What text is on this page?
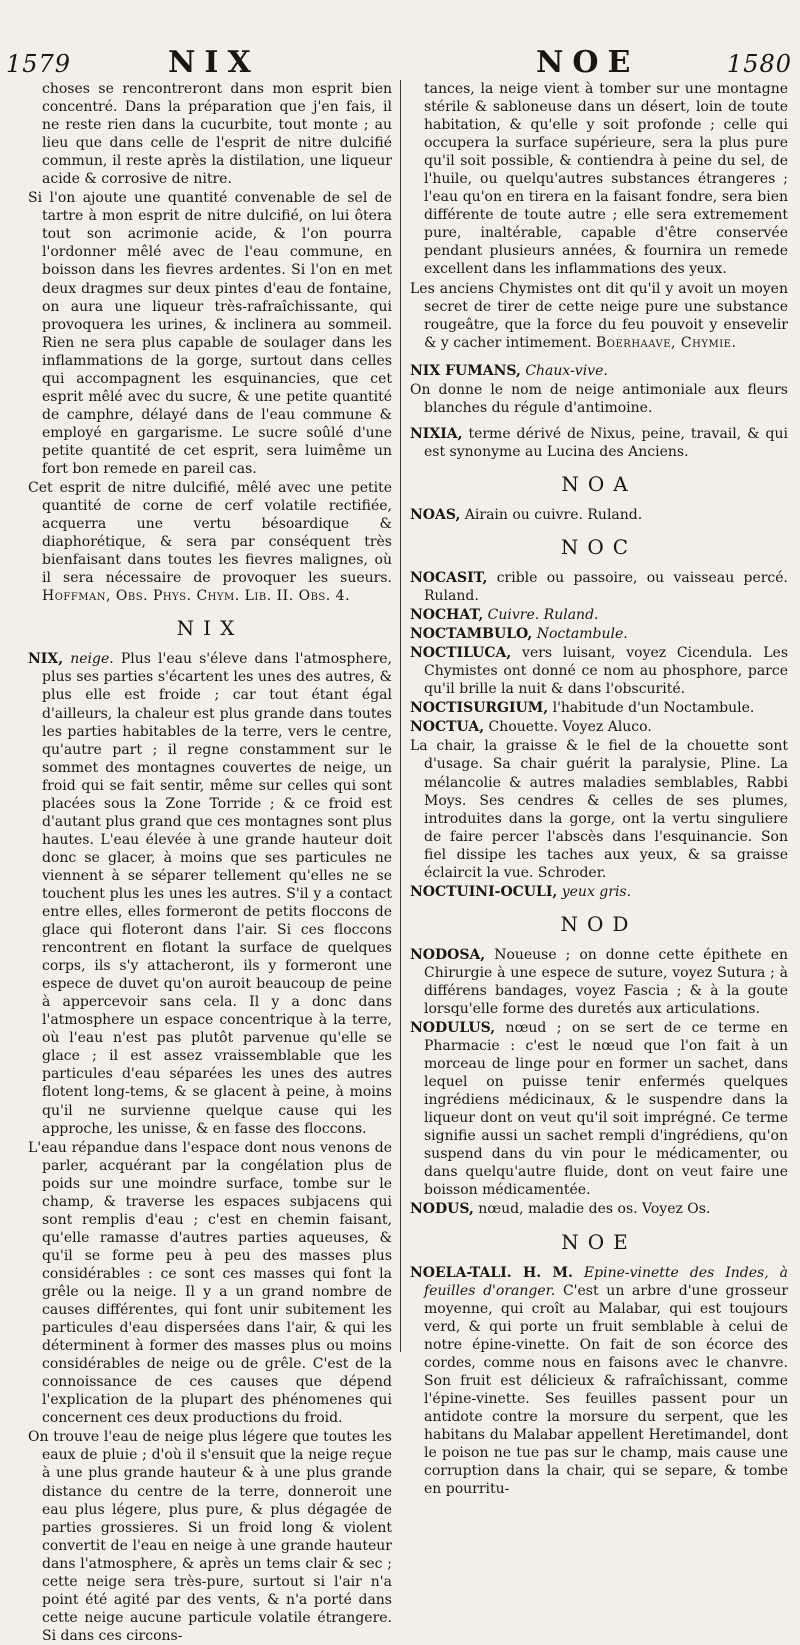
1579	NIX	NOE	1580

choses se rencontreront dans mon esprit bien concentré. Dans la préparation que j'en fais, il ne reste rien dans la cucurbite, tout monte ; au lieu que dans celle de l'esprit de nitre dulcifié commun, il reste après la distilation, une liqueur acide & corrosive de nitre.

Si l'on ajoute une quantité convenable de sel de tartre à mon esprit de nitre dulcifié, on lui ôtera tout son acrimonie acide, & l'on pourra l'ordonner mêlé avec de l'eau commune, en boisson dans les fievres ardentes. Si l'on en met deux dragmes sur deux pintes d'eau de fontaine, on aura une liqueur très-rafraîchissante, qui provoquera les urines, & inclinera au sommeil. Rien ne sera plus capable de soulager dans les inflammations de la gorge, surtout dans celles qui accompagnent les esquinancies, que cet esprit mêlé avec du sucre, & une petite quantité de camphre, délayé dans de l'eau commune & employé en gargarisme. Le sucre soûlé d'une petite quantité de cet esprit, sera luimême un fort bon remede en pareil cas.

Cet esprit de nitre dulcifié, mêlé avec une petite quantité de corne de cerf volatile rectifiée, acquerra une vertu bésoardique & diaphorétique, & sera par conséquent très bienfaisant dans toutes les fievres malignes, où il sera nécessaire de provoquer les sueurs. Hoffman, Obs. Phys. Chym. Lib. II. Obs. 4.

NIX

NIX, neige. Plus l'eau s'éleve dans l'atmosphere, plus ses parties s'écartent les unes des autres, & plus elle est froide ; car tout étant égal d'ailleurs, la chaleur est plus grande dans toutes les parties habitables de la terre, vers le centre, qu'autre part ; il regne constamment sur le sommet des montagnes couvertes de neige, un froid qui se fait sentir, même sur celles qui sont placées sous la Zone Torride ; & ce froid est d'autant plus grand que ces montagnes sont plus hautes. L'eau élevée à une grande hauteur doit donc se glacer, à moins que ses particules ne viennent à se séparer tellement qu'elles ne se touchent plus les unes les autres. S'il y a contact entre elles, elles formeront de petits floccons de glace qui floteront dans l'air. Si ces floccons rencontrent en flotant la surface de quelques corps, ils s'y attacheront, ils y formeront une espece de duvet qu'on auroit beaucoup de peine à appercevoir sans cela. Il y a donc dans l'atmosphere un espace concentrique à la terre, où l'eau n'est pas plutôt parvenue qu'elle se glace ; il est assez vraissemblable que les particules d'eau séparées les unes des autres flotent long-tems, & se glacent à peine, à moins qu'il ne survienne quelque cause qui les approche, les unisse, & en fasse des floccons.

L'eau répandue dans l'espace dont nous venons de parler, acquérant par la congélation plus de poids sur une moindre surface, tombe sur le champ, & traverse les espaces subjacens qui sont remplis d'eau ; c'est en chemin faisant, qu'elle ramasse d'autres parties aqueuses, & qu'il se forme peu à peu des masses plus considérables : ce sont ces masses qui font la grêle ou la neige. Il y a un grand nombre de causes différentes, qui font unir subitement les particules d'eau dispersées dans l'air, & qui les déterminent à former des masses plus ou moins considérables de neige ou de grêle. C'est de la connoissance de ces causes que dépend l'explication de la plupart des phénomenes qui concernent ces deux productions du froid.

On trouve l'eau de neige plus légere que toutes les eaux de pluie ; d'où il s'ensuit que la neige reçue à une plus grande hauteur & à une plus grande distance du centre de la terre, donneroit une eau plus légere, plus pure, & plus dégagée de parties grossieres. Si un froid long & violent convertit de l'eau en neige à une grande hauteur dans l'atmosphere, & après un tems clair & sec ; cette neige sera très-pure, surtout si l'air n'a point été agité par des vents, & n'a porté dans cette neige aucune particule volatile étrangere. Si dans ces circons-

tances, la neige vient à tomber sur une montagne stérile & sabloneuse dans un désert, loin de toute habitation, & qu'elle y soit profonde ; celle qui occupera la surface supérieure, sera la plus pure qu'il soit possible, & contiendra à peine du sel, de l'huile, ou quelqu'autres substances étrangeres ; l'eau qu'on en tirera en la faisant fondre, sera bien différente de toute autre ; elle sera extremement pure, inaltérable, capable d'être conservée pendant plusieurs années, & fournira un remede excellent dans les inflammations des yeux.

Les anciens Chymistes ont dit qu'il y avoit un moyen secret de tirer de cette neige pure une substance rougeâtre, que la force du feu pouvoit y ensevelir & y cacher intimement. Boerhaave, Chymie.

NIX FUMANS, Chaux-vive.

On donne le nom de neige antimoniale aux fleurs blanches du régule d'antimoine.

NIXIA, terme dérivé de Nixus, peine, travail, & qui est synonyme au Lucina des Anciens.

NOA

NOAS, Airain ou cuivre. Ruland.

NOC

NOCASIT, crible ou passoire, ou vaisseau percé. Ruland.

NOCHAT, Cuivre. Ruland.

NOCTAMBULO, Noctambule.

NOCTILUCA, vers luisant, voyez Cicendula. Les Chymistes ont donné ce nom au phosphore, parce qu'il brille la nuit & dans l'obscurité.

NOCTISURGIUM, l'habitude d'un Noctambule.

NOCTUA, Chouette. Voyez Aluco.

La chair, la graisse & le fiel de la chouette sont d'usage. Sa chair guérit la paralysie, Pline. La mélancolie & autres maladies semblables, Rabbi Moys. Ses cendres & celles de ses plumes, introduites dans la gorge, ont la vertu singuliere de faire percer l'abscès dans l'esquinancie. Son fiel dissipe les taches aux yeux, & sa graisse éclaircit la vue. Schroder.

NOCTUINI-OCULI, yeux gris.

NOD

NODOSA, Noueuse ; on donne cette épithete en Chirurgie à une espece de suture, voyez Sutura ; à différens bandages, voyez Fascia ; & à la goute lorsqu'elle forme des duretés aux articulations.

NODULUS, nœud ; on se sert de ce terme en Pharmacie : c'est le nœud que l'on fait à un morceau de linge pour en former un sachet, dans lequel on puisse tenir enfermés quelques ingrédiens médicinaux, & le suspendre dans la liqueur dont on veut qu'il soit imprégné. Ce terme signifie aussi un sachet rempli d'ingrédiens, qu'on suspend dans du vin pour le médicamenter, ou dans quelqu'autre fluide, dont on veut faire une boisson médicamentée.

NODUS, nœud, maladie des os. Voyez Os.

NOE

NOELA-TALI. H. M. Epine-vinette des Indes, à feuilles d'oranger. C'est un arbre d'une grosseur moyenne, qui croît au Malabar, qui est toujours verd, & qui porte un fruit semblable à celui de notre épine-vinette. On fait de son écorce des cordes, comme nous en faisons avec le chanvre. Son fruit est délicieux & rafraîchissant, comme l'épine-vinette. Ses feuilles passent pour un antidote contre la morsure du serpent, que les habitans du Malabar appellent Heretimandel, dont le poison ne tue pas sur le champ, mais cause une corruption dans la chair, qui se separe, & tombe en pourritu-
